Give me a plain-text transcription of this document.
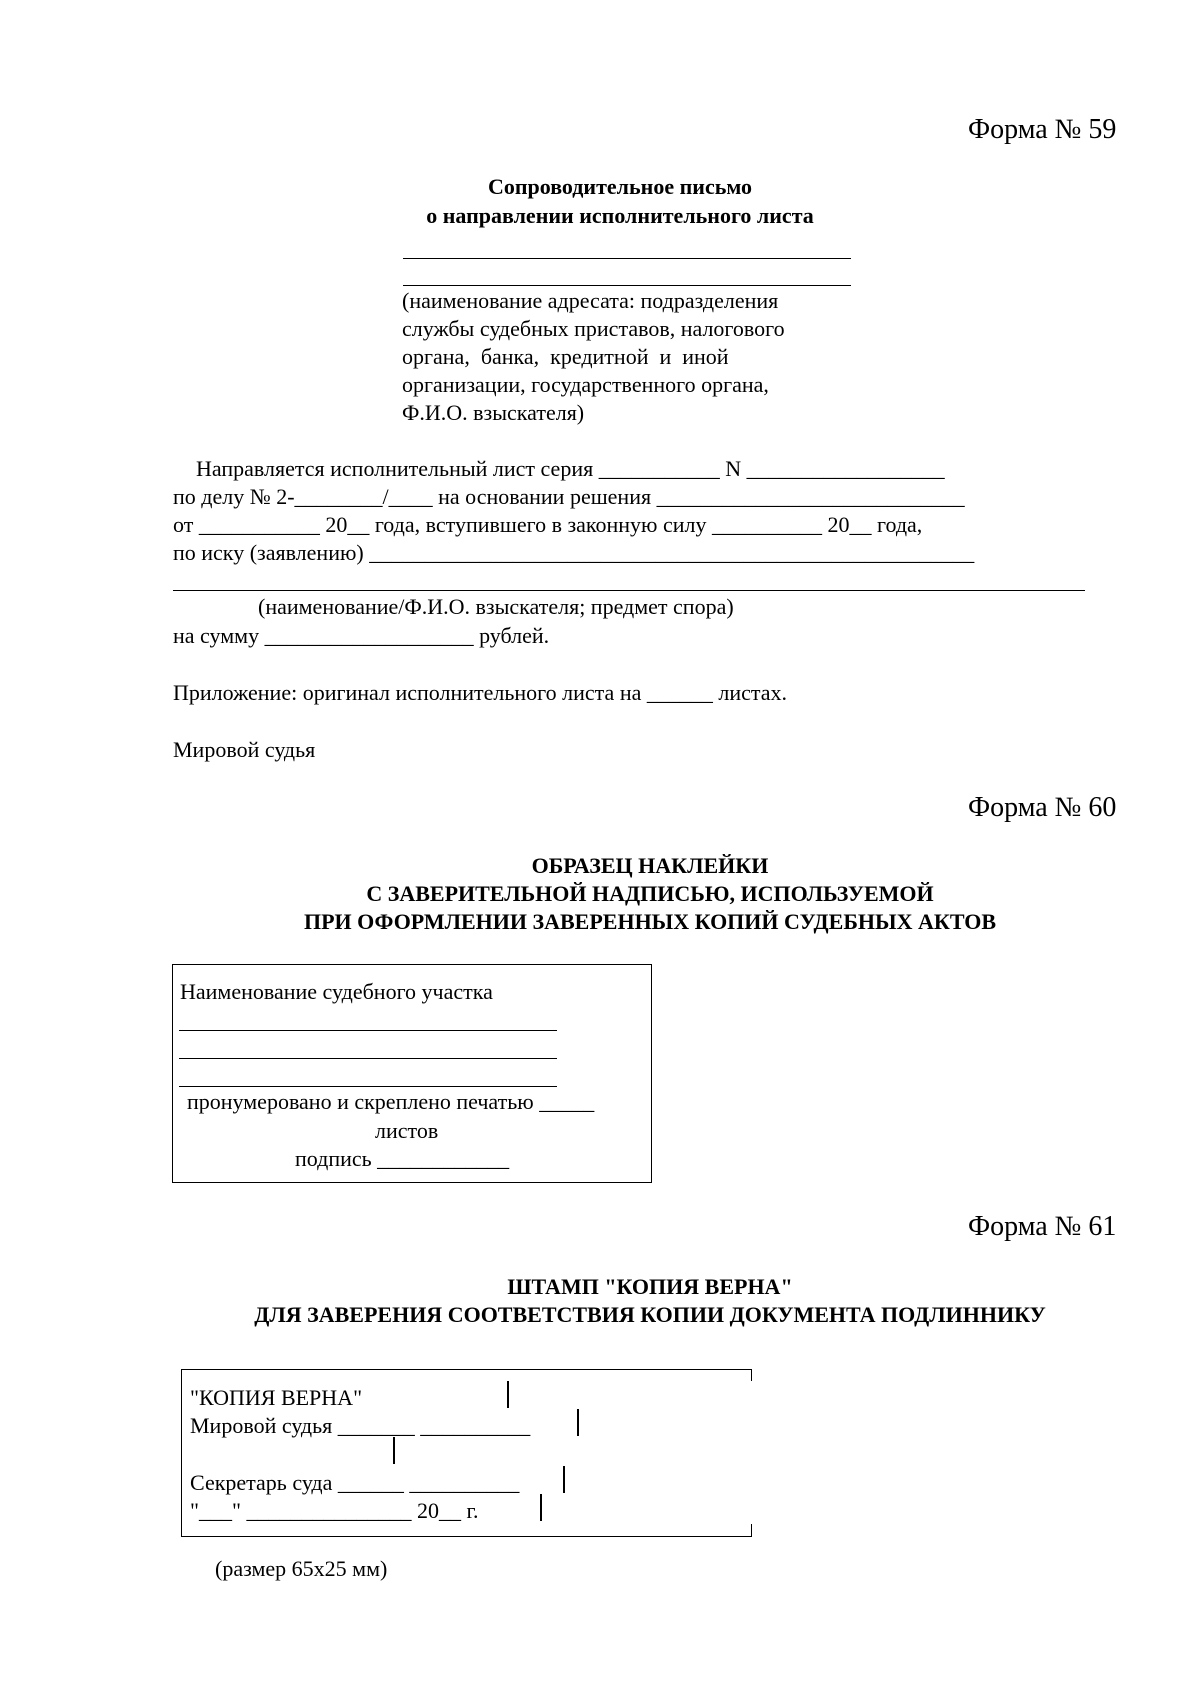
Форма № 59
Сопроводительное письмо
о направлении исполнительного листа
(наименование адресата: подразделения
службы судебных приставов, налогового
органа,  банка,  кредитной  и  иной
организации, государственного органа,
Ф.И.О. взыскателя)
Направляется исполнительный лист серия ___________ N __________________
по делу № 2-________/____ на основании решения ____________________________
от ___________ 20__ года, вступившего в законную силу __________ 20__ года,
по иску (заявлению) _______________________________________________________
(наименование/Ф.И.О. взыскателя; предмет спора)
на сумму ___________________ рублей.
Приложение: оригинал исполнительного листа на ______ листах.
Мировой судья
Форма № 60
ОБРАЗЕЦ НАКЛЕЙКИ
С ЗАВЕРИТЕЛЬНОЙ НАДПИСЬЮ, ИСПОЛЬЗУЕМОЙ
ПРИ ОФОРМЛЕНИИ ЗАВЕРЕННЫХ КОПИЙ СУДЕБНЫХ АКТОВ
Наименование судебного участка
пронумеровано и скреплено печатью _____
листов
подпись ____________
Форма № 61
ШТАМП "КОПИЯ ВЕРНА"
ДЛЯ ЗАВЕРЕНИЯ СООТВЕТСТВИЯ КОПИИ ДОКУМЕНТА ПОДЛИННИКУ
"КОПИЯ ВЕРНА"
Мировой судья _______ __________
Секретарь суда ______ __________
"___" _______________ 20__ г.
(размер 65x25 мм)
